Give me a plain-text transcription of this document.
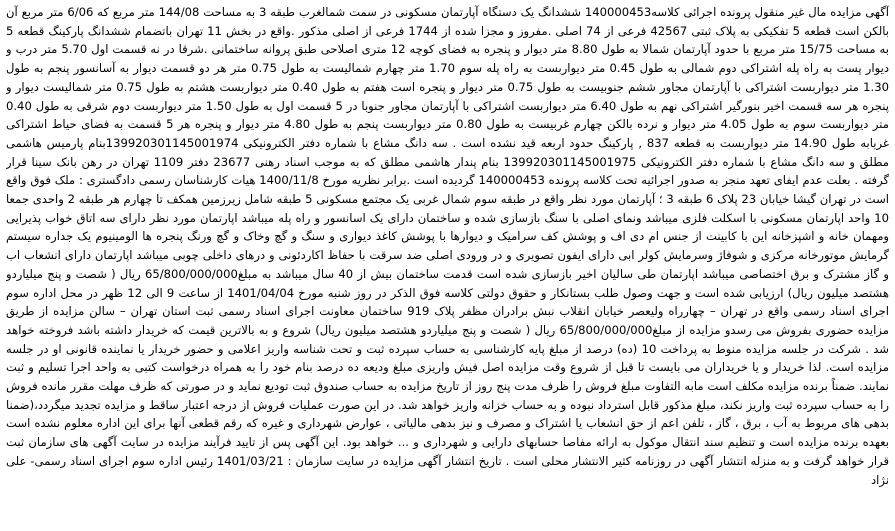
آگهی مزایده مال غیر منقول پرونده اجرائی کلاسه140000453 ششدانگ یک دستگاه آپارتمان مسکونی در سمت شمالغرب طبقه 3 به مساحت 144/08 متر مربع که 6/06 متر مربع آن بالکن است قطعه 5 تفکیکی به پلاک ثبتی 42567 فرعی از 74 اصلی .مفروز و مجزا شده از 1744 فرعی از اصلی مذکور .واقع در بخش 11 تهران باتضمام ششدانگ پارکینگ قطعه 5 به مساحت 15/75 متر مربع با حدود آپارتمان شمالا به طول 8.80 متر دیوار و پنجره به فضای کوچه 12 متری اصلاحی طبق پروانه ساختمانی .شرقا در نه قسمت اول 5.70 متر درب و دیوار پست به راه پله اشتراکی دوم شمالی به طول 0.45 متر دیواربست به راه پله سوم 1.70 متر چهارم شمالیست به طول 0.75 متر هر دو قسمت دیوار به آسانسور پنجم به طول 1.30 متر دیواربست اشتراکی با آپارتمان مجاور ششم جنوبیست به طول 0.75 متر دیوار و پنجره است هفتم به طول 0.40 متر دیواربست هشتم به طول 0.75 متر شمالیست دیوار و پنجره هر سه قسمت اخیر بنورگیر اشتراکی نهم به طول 6.40 متر دیواربست اشتراکی با آپارتمان مجاور جنوبا در 5 قسمت اول به طول 1.50 متر دیواربست دوم شرقی به طول 0.40 متر دیواربست سوم به طول 4.05 متر دیوار و نرده بالکن چهارم غربیست به طول 0.80 متر دیواربست پنجم به طول 4.80 متر دیوار و پنجره هر 5 قسمت به فضای حیاط اشتراکی غربابه طول 14.90 متر دیواربست به قطعه 837 , پارکینگ حدود اربعه قید نشده است . سه دانگ مشاع با شماره دفتر الکترونیکی 139920301145001974بنام پارمیس هاشمی مطلق و سه دانگ مشاع با شماره دفتر الکترونیکی 139920301145001975 بنام پندار هاشمی مطلق که به موجب اسناد رهنی 23677 دفتر 1109 تهران در رهن بانک سینا قرار گرفته . بعلت عدم ایفای تعهد منجر به صدور اجرائیه تحت کلاسه پرونده 140000453 گردیده است .برابر نظریه مورخ 1400/11/8 هیات کارشناسان رسمی دادگستری : ملک فوق واقع است در تهران گیشا خیابان 23 پلاک 6 طبقه 3 ؛ آپارتمان مورد نظر واقع در طبقه سوم شمال غربی یک مجتمع مسکونی 5 طبقه شامل زیرزمین همکف تا چهارم هر طبقه 2 واحدی جمعا 10 واحد اپارتمان مسکونی با اسکلت فلزی میباشد ونمای اصلی با سنگ بازسازی شده و ساختمان دارای یک اسانسور و راه پله میباشد اپارتمان مورد نظر دارای سه اتاق خواب پذیرایی ومهمان خانه و اشپزخانه این با کابینت از جنس ام دی اف و پوشش کف سرامیک و دیوارها با پوشش کاغذ دیواری و سنگ و گچ وخاک و گچ ورنگ پنجره ها الومینیوم یک جداره سیستم گرمایش موتورخانه مرکزی و شوفاژ وسرمایش کولر ابی دارای ایفون تصویری و در ورودی اصلی ضد سرقت با حفاظ اکاردئونی و درهای داخلی چوبی میباشد اپارتمان دارای انشعاب اب و گاز مشترک و برق اختصاصی میباشد اپارتمان طی سالیان اخیر بازسازی شده است قدمت ساختمان بیش از 40 سال میباشد به مبلغ65/800/000/000 ریال ( شصت و پنج میلیاردو هشتصد میلیون ریال) ارزیابی شده است و جهت وصول طلب بستانکار و حقوق دولتی کلاسه فوق الذکر در روز شنبه مورخ 1401/04/04 از ساعت 9 الی 12 ظهر در محل اداره سوم اجرای اسناد رسمی واقع در تهران – چهارراه ولیعصر خیابان انقلاب نبش برادران مظفر پلاک 919 ساختمان معاونت اجرای اسناد رسمی ثبت استان تهران – سالن مزایده از طریق مزایده حضوری بفروش می رسدو مزایده از مبلغ65/800/000/000 ریال ( شصت و پنج میلیاردو هشتصد میلیون ریال) شروع و به بالاترین قیمت که خریدار داشته باشد فروخته خواهد شد . شرکت در جلسه مزایده منوط به پرداخت 10 (ده) درصد از مبلغ پایه کارشناسی به حساب سپرده ثبت و تحت شناسه واریز اعلامی و حضور خریدار یا نماینده قانونی او در جلسه مزایده است. لذا خریدار و یا خریداران می بایست تا قبل از شروع وقت مزایده اصل فیش واریزی مبلغ ودیعه ده درصد بنام خود را به همراه درخواست کتبی به واحد اجرا تسلیم و ثبت نمایند. ضمناً برنده مزایده مکلف است مابه التفاوت مبلغ فروش را ظرف مدت پنج روز از تاریخ مزایده به حساب صندوق ثبت تودیع نماید و در صورتی که ظرف مهلت مقرر مانده فروش را به حساب سپرده ثبت واریز نکند، مبلغ مذکور قابل استرداد نبوده و به حساب خزانه واریز خواهد شد. در این صورت عملیات فروش از درجه اعتبار ساقط و مزایده تجدید میگردد،(ضمنا بدهی های مربوط به آب ، برق ، گاز ، تلفن اعم از حق انشعاب یا اشتراک و مصرف و نیز بدهی مالیاتی ، عوارض شهرداری و غیره که رقم قطعی آنها برای این اداره معلوم نشده است بعهده برنده مزایده است و تنظیم سند انتقال موکول به ارائه مفاصا حسابهای دارایی و شهرداری و ... خواهد بود. این آگهی پس از تایید فرآیند مزایده در سایت آگهی های سازمان ثبت قرار خواهد گرفت و به منزله انتشار آگهی در روزنامه کثیر الانتشار محلی است . تاریخ انتشار آگهی مزایده در سایت سازمان : 1401/03/21 رئیس اداره سوم اجرای اسناد رسمی- علی نژاد
